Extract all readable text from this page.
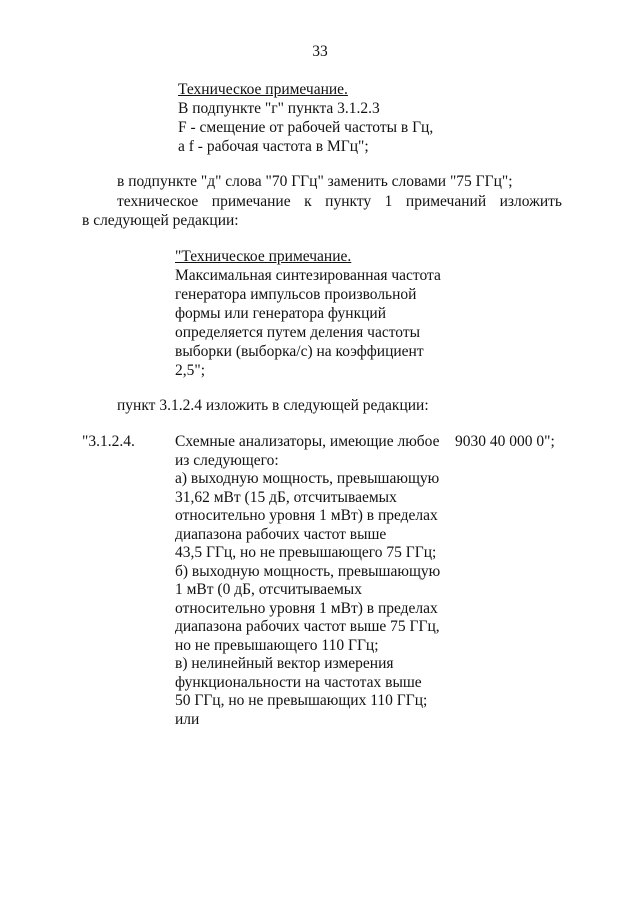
33
Техническое примечание.
В подпункте "г" пункта 3.1.2.3
F - смещение от рабочей частоты в Гц,
а f - рабочая частота в МГц";
в подпункте "д" слова "70 ГГц" заменить словами "75 ГГц";
техническое примечание к пункту 1 примечаний изложить
в следующей редакции:
"Техническое примечание.
Максимальная синтезированная частота
генератора импульсов произвольной
формы или генератора функций
определяется путем деления частоты
выборки (выборка/с) на коэффициент
2,5";
пункт 3.1.2.4 изложить в следующей редакции:
"3.1.2.4.	Схемные анализаторы, имеющие любое
из следующего:
а) выходную мощность, превышающую
31,62 мВт (15 дБ, отсчитываемых
относительно уровня 1 мВт) в пределах
диапазона рабочих частот выше
43,5 ГГц, но не превышающего 75 ГГц;
б) выходную мощность, превышающую
1 мВт (0 дБ, отсчитываемых
относительно уровня 1 мВт) в пределах
диапазона рабочих частот выше 75 ГГц,
но не превышающего 110 ГГц;
в) нелинейный вектор измерения
функциональности на частотах выше
50 ГГц, но не превышающих 110 ГГц;
или
9030 40 000 0";
